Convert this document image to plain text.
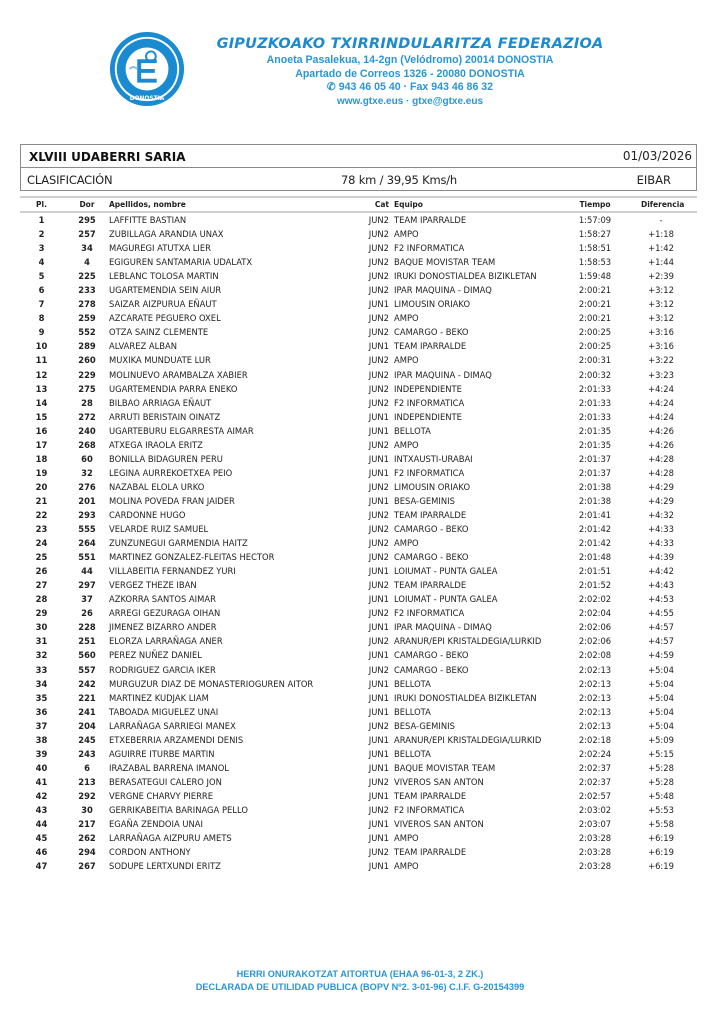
DONOSTIA
GIPUZKOAKO TXIRRINDULARITZA FEDERAZIOA
Anoeta Pasalekua, 14-2gn (Velódromo) 20014 DONOSTIA
Apartado de Correos 1326 - 20080 DONOSTIA
✆ 943 46 05 40 · Fax 943 46 86 32
www.gtxe.eus · gtxe@gtxe.eus
XLVIII UDABERRI SARIA	01/03/2026
CLASIFICACIÓN	78 km / 39,95 Kms/h	EIBAR
Pl.	Dor	Apellidos, nombre	Cat Equipo	Tiempo	Diferencia
1	295	LAFFITTE BASTIAN	JUN2 TEAM IPARRALDE	1:57:09	-
2	257	ZUBILLAGA ARANDIA UNAX	JUN2 AMPO	1:58:27	+1:18
3	34	MAGUREGI ATUTXA LIER	JUN2 F2 INFORMATICA	1:58:51	+1:42
4	4	EGIGUREN SANTAMARIA UDALATX	JUN2 BAQUE MOVISTAR TEAM	1:58:53	+1:44
5	225	LEBLANC TOLOSA MARTIN	JUN2 IRUKI DONOSTIALDEA BIZIKLETAN	1:59:48	+2:39
6	233	UGARTEMENDIA SEIN AIUR	JUN2 IPAR MAQUINA - DIMAQ	2:00:21	+3:12
7	278	SAIZAR AIZPURUA EÑAUT	JUN1 LIMOUSIN ORIAKO	2:00:21	+3:12
8	259	AZCARATE PEGUERO OXEL	JUN2 AMPO	2:00:21	+3:12
9	552	OTZA SAINZ CLEMENTE	JUN2 CAMARGO - BEKO	2:00:25	+3:16
10	289	ALVAREZ ALBAN	JUN1 TEAM IPARRALDE	2:00:25	+3:16
11	260	MUXIKA MUNDUATE LUR	JUN2 AMPO	2:00:31	+3:22
12	229	MOLINUEVO ARAMBALZA XABIER	JUN2 IPAR MAQUINA - DIMAQ	2:00:32	+3:23
13	275	UGARTEMENDIA PARRA ENEKO	JUN2 INDEPENDIENTE	2:01:33	+4:24
14	28	BILBAO ARRIAGA EÑAUT	JUN2 F2 INFORMATICA	2:01:33	+4:24
15	272	ARRUTI BERISTAIN OINATZ	JUN1 INDEPENDIENTE	2:01:33	+4:24
16	240	UGARTEBURU ELGARRESTA AIMAR	JUN1 BELLOTA	2:01:35	+4:26
17	268	ATXEGA IRAOLA ERITZ	JUN2 AMPO	2:01:35	+4:26
18	60	BONILLA BIDAGUREN PERU	JUN1 INTXAUSTI-URABAI	2:01:37	+4:28
19	32	LEGINA AURREKOETXEA PEIO	JUN1 F2 INFORMATICA	2:01:37	+4:28
20	276	NAZABAL ELOLA URKO	JUN2 LIMOUSIN ORIAKO	2:01:38	+4:29
21	201	MOLINA POVEDA FRAN JAIDER	JUN1 BESA-GEMINIS	2:01:38	+4:29
22	293	CARDONNE HUGO	JUN2 TEAM IPARRALDE	2:01:41	+4:32
23	555	VELARDE RUIZ SAMUEL	JUN2 CAMARGO - BEKO	2:01:42	+4:33
24	264	ZUNZUNEGUI GARMENDIA HAITZ	JUN2 AMPO	2:01:42	+4:33
25	551	MARTINEZ GONZALEZ-FLEITAS HECTOR	JUN2 CAMARGO - BEKO	2:01:48	+4:39
26	44	VILLABEITIA FERNANDEZ YURI	JUN1 LOIUMAT - PUNTA GALEA	2:01:51	+4:42
27	297	VERGEZ THEZE IBAN	JUN2 TEAM IPARRALDE	2:01:52	+4:43
28	37	AZKORRA SANTOS AIMAR	JUN1 LOIUMAT - PUNTA GALEA	2:02:02	+4:53
29	26	ARREGI GEZURAGA OIHAN	JUN2 F2 INFORMATICA	2:02:04	+4:55
30	228	JIMENEZ BIZARRO ANDER	JUN1 IPAR MAQUINA - DIMAQ	2:02:06	+4:57
31	251	ELORZA LARRAÑAGA ANER	JUN2 ARANUR/EPI KRISTALDEGIA/LURKID	2:02:06	+4:57
32	560	PEREZ NUÑEZ DANIEL	JUN1 CAMARGO - BEKO	2:02:08	+4:59
33	557	RODRIGUEZ GARCIA IKER	JUN2 CAMARGO - BEKO	2:02:13	+5:04
34	242	MURGUZUR DIAZ DE MONASTERIOGUREN AITOR	JUN1 BELLOTA	2:02:13	+5:04
35	221	MARTINEZ KUDJAK LIAM	JUN1 IRUKI DONOSTIALDEA BIZIKLETAN	2:02:13	+5:04
36	241	TABOADA MIGUELEZ UNAI	JUN1 BELLOTA	2:02:13	+5:04
37	204	LARRAÑAGA SARRIEGI MANEX	JUN2 BESA-GEMINIS	2:02:13	+5:04
38	245	ETXEBERRIA ARZAMENDI DENIS	JUN1 ARANUR/EPI KRISTALDEGIA/LURKID	2:02:18	+5:09
39	243	AGUIRRE ITURBE MARTIN	JUN1 BELLOTA	2:02:24	+5:15
40	6	IRAZABAL BARRENA IMANOL	JUN1 BAQUE MOVISTAR TEAM	2:02:37	+5:28
41	213	BERASATEGUI CALERO JON	JUN2 VIVEROS SAN ANTON	2:02:37	+5:28
42	292	VERGNE CHARVY PIERRE	JUN1 TEAM IPARRALDE	2:02:57	+5:48
43	30	GERRIKABEITIA BARINAGA PELLO	JUN2 F2 INFORMATICA	2:03:02	+5:53
44	217	EGAÑA ZENDOIA UNAI	JUN1 VIVEROS SAN ANTON	2:03:07	+5:58
45	262	LARRAÑAGA AIZPURU AMETS	JUN1 AMPO	2:03:28	+6:19
46	294	CORDON ANTHONY	JUN2 TEAM IPARRALDE	2:03:28	+6:19
47	267	SODUPE LERTXUNDI ERITZ	JUN1 AMPO	2:03:28	+6:19
HERRI ONURAKOTZAT AITORTUA (EHAA 96-01-3, 2 ZK.)
DECLARADA DE UTILIDAD PUBLICA (BOPV Nº2. 3-01-96) C.I.F. G-20154399
